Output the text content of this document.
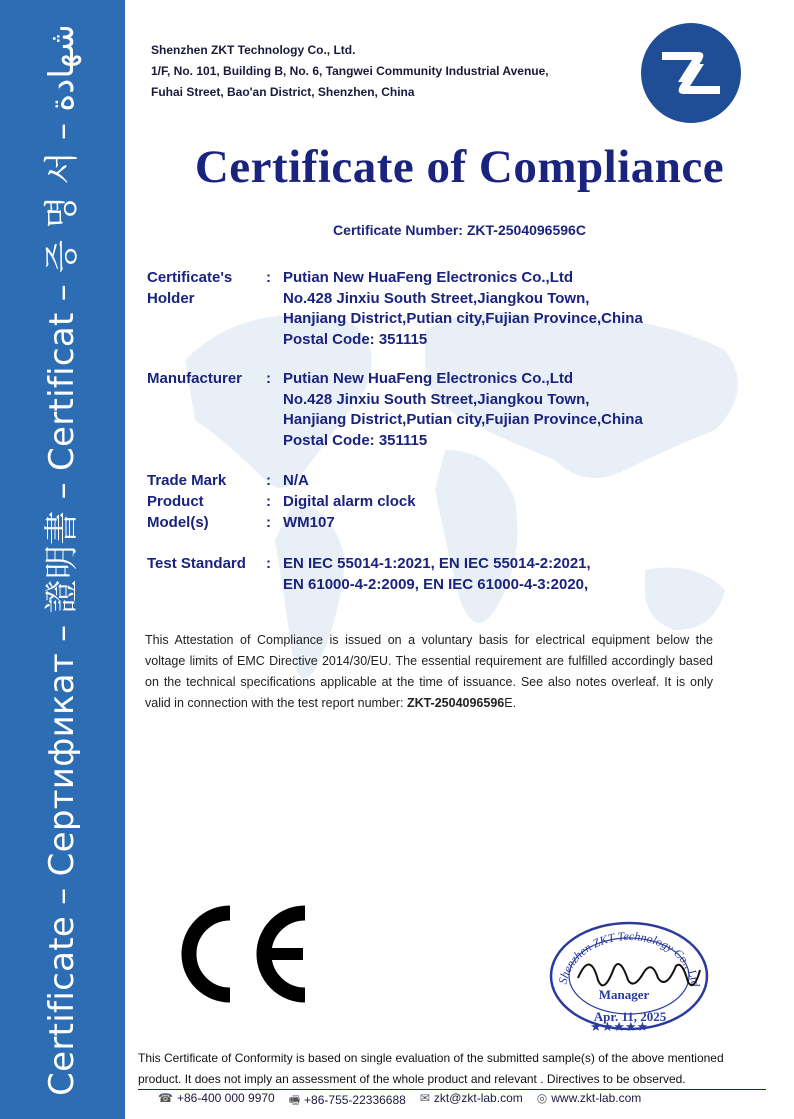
Certificate – Сертификат – 證明書 – Certificat – 증 명 서 – شهادة	Shenzhen ZKT Technology Co., Ltd.
1/F, No. 101, Building B, No. 6, Tangwei Community Industrial Avenue,
Fuhai Street, Bao'an District, Shenzhen, China
Certificate of Compliance
Certificate Number: ZKT-2504096596C
Certificate's
Holder
: Putian New HuaFeng Electronics Co.,Ltd
No.428 Jinxiu South Street,Jiangkou Town,
Hanjiang District,Putian city,Fujian Province,China
Postal Code: 351115
Manufacturer : Putian New HuaFeng Electronics Co.,Ltd
No.428 Jinxiu South Street,Jiangkou Town,
Hanjiang District,Putian city,Fujian Province,China
Postal Code: 351115
Trade Mark	: N/A
Product	: Digital alarm clock
Model(s)	: WM107
Test Standard : EN IEC 55014-1:2021, EN IEC 55014-2:2021,
EN 61000-4-2:2009, EN IEC 61000-4-3:2020,
This Attestation of Compliance is issued on a voluntary basis for electrical equipment below the voltage limits of EMC Directive 2014/30/EU. The essential requirement are fulfilled accordingly based on the technical specifications applicable at the time of issuance. See also notes overleaf. It is only valid in connection with the test report number: ZKT-2504096596E.
Shenzhen ZKT Technology Co., Ltd
Manager
Apr. 11, 2025
★★★★★
This Certificate of Conformity is based on single evaluation of the submitted sample(s) of the above mentioned product. It does not imply an assessment of the whole product and relevant . Directives to be observed.
☎ +86-400 000 9970 🖷 +86-755-22336688 ✉ zkt@zkt-lab.com ◎ www.zkt-lab.com
